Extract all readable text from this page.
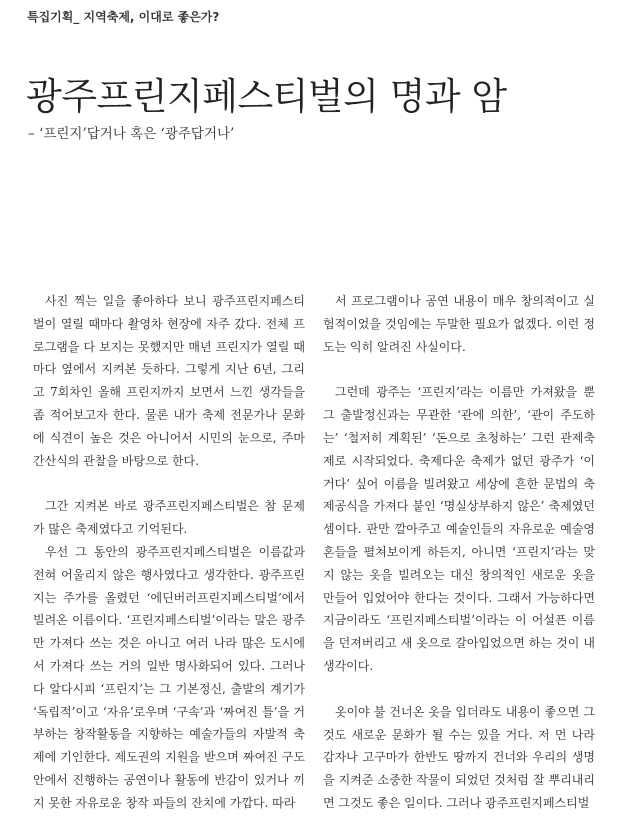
특집기획_ 지역축제, 이대로 좋은가?
광주프린지페스티벌의 명과 암
– ‘프린지’답거나 혹은 ‘광주답거나’

사진 찍는 일을 좋아하다 보니 광주프린지페스티벌이 열릴 때마다 촬영차 현장에 자주 갔다. 전체 프로그램을 다 보지는 못했지만 매년 프린지가 열릴 때마다 옆에서 지켜본 듯하다. 그렇게 지난 6년, 그리고 7회차인 올해 프린지까지 보면서 느낀 생각들을 좀 적어보고자 한다. 물론 내가 축제 전문가나 문화에 식견이 높은 것은 아니어서 시민의 눈으로, 주마간산식의 관찰을 바탕으로 한다.

그간 지켜본 바로 광주프린지페스티벌은 참 문제가 많은 축제였다고 기억된다.

우선 그 동안의 광주프린지페스티벌은 이름값과 전혀 어울리지 않은 행사였다고 생각한다. 광주프린지는 주가를 올렸던 ‘에딘버러프린지페스티벌’에서 빌려온 이름이다. ‘프린지페스티벌’이라는 말은 광주만 가져다 쓰는 것은 아니고 여러 나라 많은 도시에서 가져다 쓰는 거의 일반 명사화되어 있다. 그러나 다 알다시피 ‘프린지’는 그 기본정신, 출발의 계기가 ‘독립적’이고 ‘자유’로우며 ‘구속’과 ‘짜여진 틀’을 거부하는 창작활동을 지향하는 예술가들의 자발적 축제에 기인한다. 제도권의 지원을 받으며 짜여진 구도안에서 진행하는 공연이나 활동에 반감이 있거나 끼지 못한 자유로운 창작 파들의 잔치에 가깝다. 따라

서 프로그램이나 공연 내용이 매우 창의적이고 실험적이었을 것임에는 두말한 필요가 없겠다. 이런 정도는 익히 알려진 사실이다.

그런데 광주는 ‘프린지’라는 이름만 가져왔을 뿐 그 출발정신과는 무관한 ‘관에 의한’, ‘관이 주도하는’ ‘철저히 계획된’ ‘돈으로 초청하는’ 그런 관제축제로 시작되었다. 축제다운 축제가 없던 광주가 ‘이거다’ 싶어 이름을 빌려왔고 세상에 흔한 문법의 축제공식을 가져다 붙인 ‘명실상부하지 않은’ 축제였던 셈이다. 판만 깔아주고 예술인들의 자유로운 예술영혼들을 펼쳐보이게 하든지, 아니면 ‘프린지’라는 맞지 않는 옷을 빌려오는 대신 창의적인 새로운 옷을 만들어 입었어야 한다는 것이다. 그래서 가능하다면 지금이라도 ‘프린지페스티벌’이라는 이 어설픈 이름을 던져버리고 새 옷으로 갈아입었으면 하는 것이 내 생각이다.

옷이야 불 건너온 옷을 입더라도 내용이 좋으면 그것도 새로운 문화가 될 수는 있을 거다. 저 먼 나라 감자나 고구마가 한반도 땅까지 건너와 우리의 생명을 지켜준 소중한 작물이 되었던 것처럼 잘 뿌리내리면 그것도 좋은 일이다. 그러나 광주프린지페스티벌
